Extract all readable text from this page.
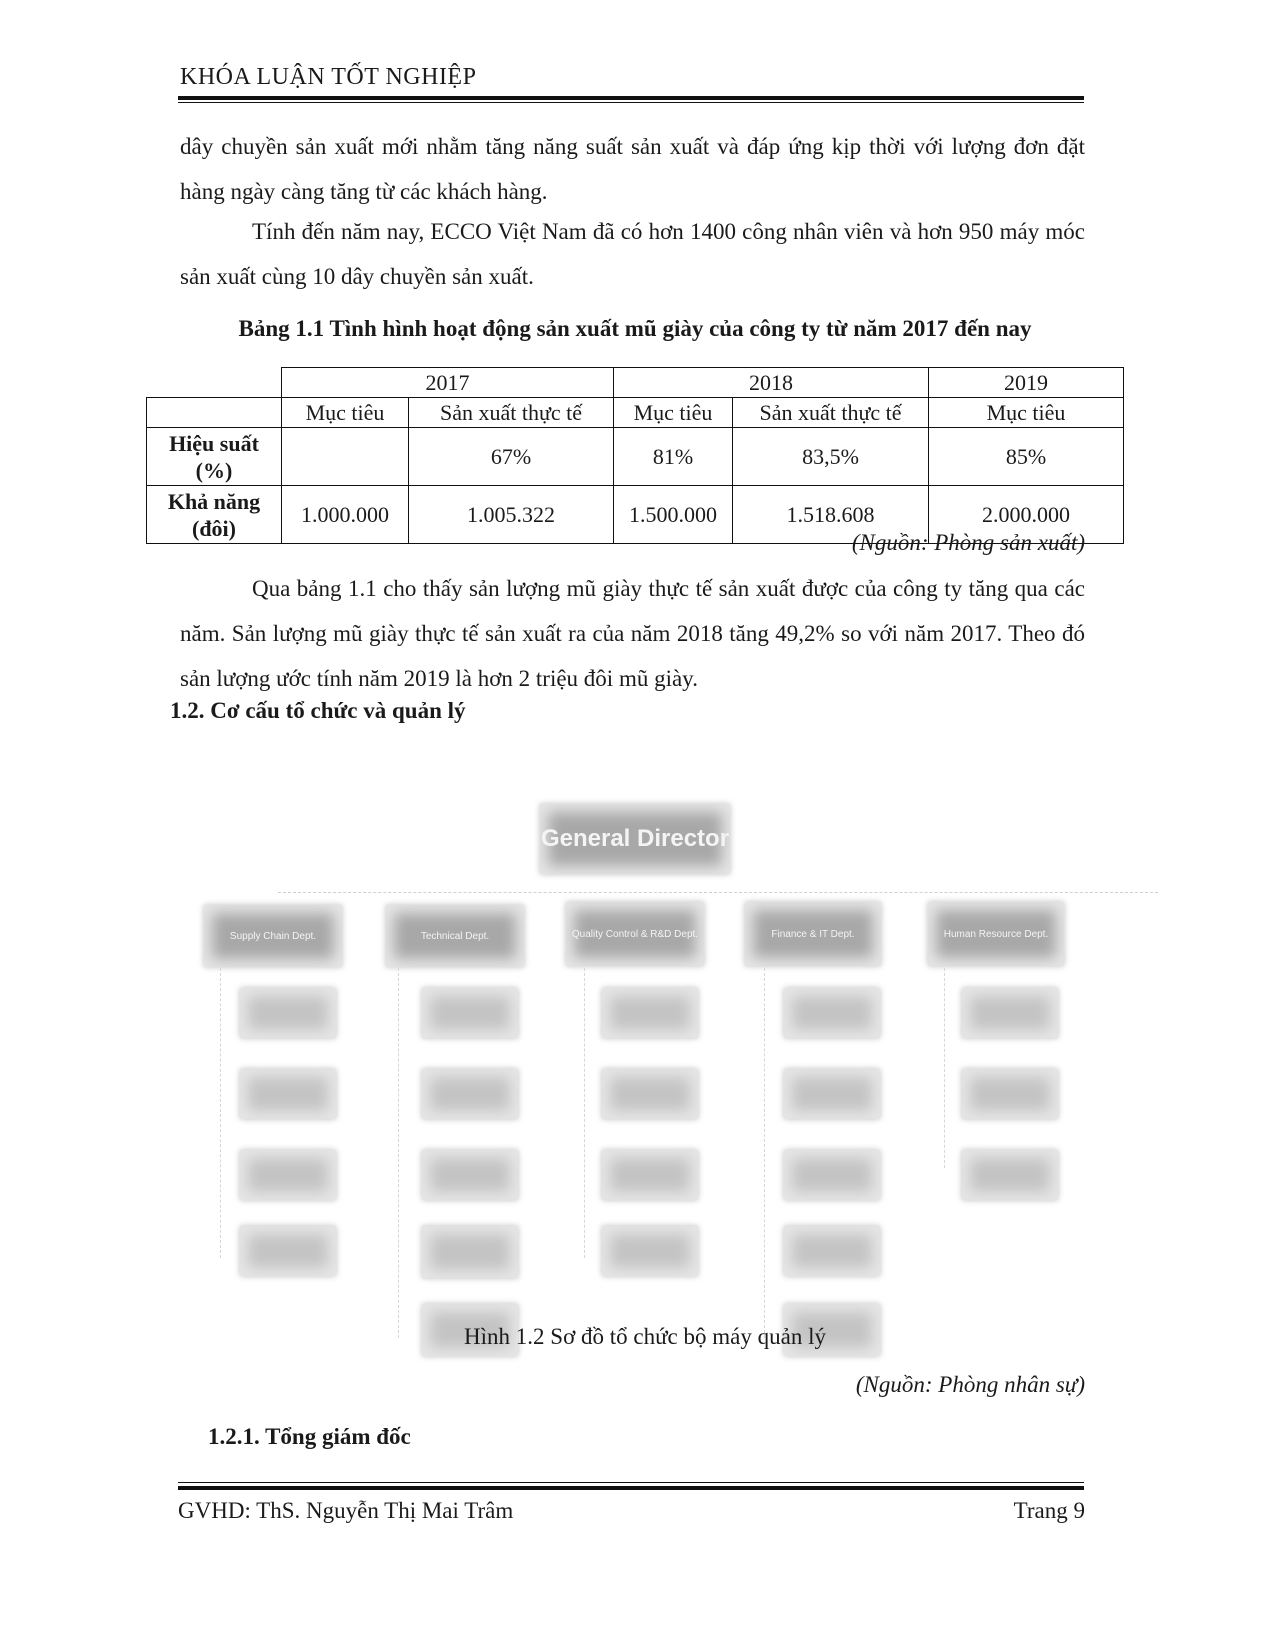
KHÓA LUẬN TỐT NGHIỆP

dây chuyền sản xuất mới nhằm tăng năng suất sản xuất và đáp ứng kịp thời với lượng đơn đặt hàng ngày càng tăng từ các khách hàng.

Tính đến năm nay, ECCO Việt Nam đã có hơn 1400 công nhân viên và hơn 950 máy móc sản xuất cùng 10 dây chuyền sản xuất.

Bảng 1.1 Tình hình hoạt động sản xuất mũ giày của công ty từ năm 2017 đến nay
	2017		2018		2019
	Mục tiêu	Sản xuất thực tế	Mục tiêu	Sản xuất thực tế	Mục tiêu
Hiệu suất
(%)		67%	81%	83,5%	85%
Khả năng
(đôi)	1.000.000	1.005.322	1.500.000	1.518.608	2.000.000
(Nguồn: Phòng sản xuất)

Qua bảng 1.1 cho thấy sản lượng mũ giày thực tế sản xuất được của công ty tăng qua các năm. Sản lượng mũ giày thực tế sản xuất ra của năm 2018 tăng 49,2% so với năm 2017. Theo đó sản lượng ước tính năm 2019 là hơn 2 triệu đôi mũ giày.

1.2. Cơ cấu tổ chức và quản lý
General Director
Supply Chain Dept.	Technical Dept.	Quality Control & R&D Dept.	Finance & IT Dept.	Human Resource Dept.
Hình 1.2 Sơ đồ tổ chức bộ máy quản lý
(Nguồn: Phòng nhân sự)
1.2.1. Tổng giám đốc
GVHD: ThS. Nguyễn Thị Mai Trâm	Trang 9
